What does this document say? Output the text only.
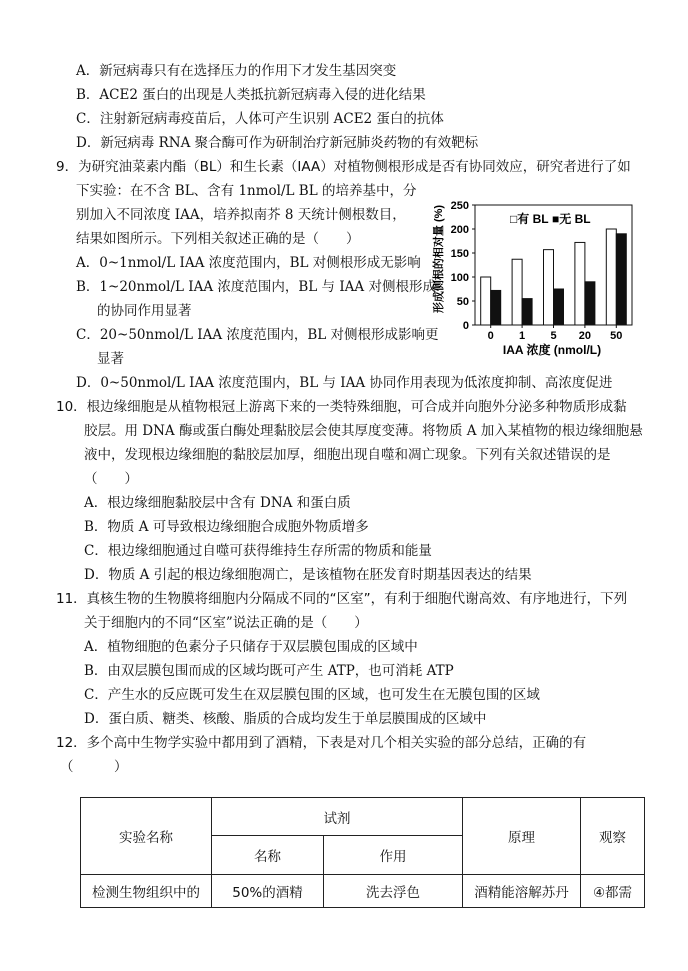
A．新冠病毒只有在选择压力的作用下才发生基因突变
B．ACE2 蛋白的出现是人类抵抗新冠病毒入侵的进化结果
C．注射新冠病毒疫苗后，人体可产生识别 ACE2 蛋白的抗体
D．新冠病毒 RNA 聚合酶可作为研制治疗新冠肺炎药物的有效靶标
9．为研究油菜素内酯（BL）和生长素（IAA）对植物侧根形成是否有协同效应，研究者进行了如
下实验：在不含 BL、含有 1nmol/L BL 的培养基中，分
别加入不同浓度 IAA，培养拟南芥 8 天统计侧根数目，
结果如图所示。下列相关叙述正确的是（　　）
A．0~1nmol/L IAA 浓度范围内，BL 对侧根形成无影响
B．1~20nmol/L IAA 浓度范围内，BL 与 IAA 对侧根形成
的协同作用显著
C．20~50nmol/L IAA 浓度范围内，BL 对侧根形成影响更
显著
D．0~50nmol/L IAA 浓度范围内，BL 与 IAA 协同作用表现为低浓度抑制、高浓度促进
0
50
100
150
200
250
0 1 5 20 50
形成侧根的相对量 (%)
IAA 浓度 (nmol/L)
□有 BL ■无 BL
10．根边缘细胞是从植物根冠上游离下来的一类特殊细胞，可合成并向胞外分泌多种物质形成黏
胶层。用 DNA 酶或蛋白酶处理黏胶层会使其厚度变薄。将物质 A 加入某植物的根边缘细胞悬
液中，发现根边缘细胞的黏胶层加厚，细胞出现自噬和凋亡现象。下列有关叙述错误的是
（　　）
A．根边缘细胞黏胶层中含有 DNA 和蛋白质
B．物质 A 可导致根边缘细胞合成胞外物质增多
C．根边缘细胞通过自噬可获得维持生存所需的物质和能量
D．物质 A 引起的根边缘细胞凋亡，是该植物在胚发育时期基因表达的结果
11．真核生物的生物膜将细胞内分隔成不同的“区室”，有利于细胞代谢高效、有序地进行，下列
关于细胞内的不同“区室”说法正确的是（　　）
A．植物细胞的色素分子只储存于双层膜包围成的区域中
B．由双层膜包围而成的区域均既可产生 ATP，也可消耗 ATP
C．产生水的反应既可发生在双层膜包围的区域，也可发生在无膜包围的区域
D．蛋白质、糖类、核酸、脂质的合成均发生于单层膜围成的区域中
12．多个高中生物学实验中都用到了酒精，下表是对几个相关实验的部分总结，正确的有
（　　　）
实验名称	试剂		原理	观察
	名称	作用		
检测生物组织中的	50%的酒精	洗去浮色	酒精能溶解苏丹	④都需
